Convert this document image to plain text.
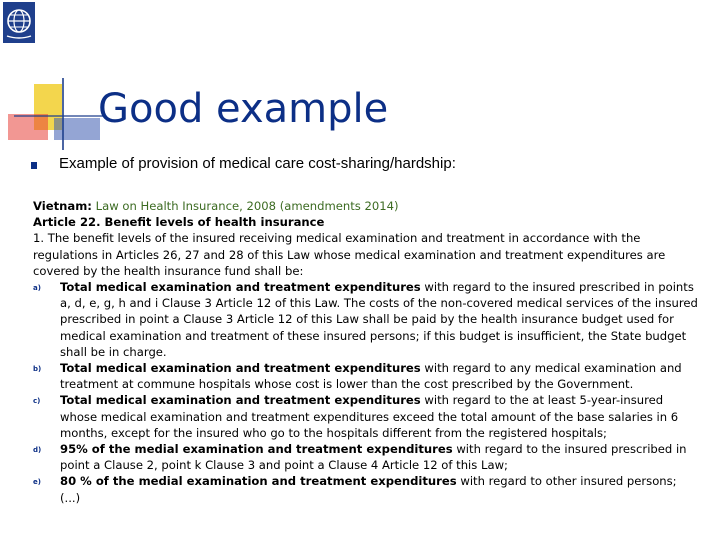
Good example
Example of provision of medical care cost-sharing/hardship:
Vietnam: Law on Health Insurance, 2008 (amendments 2014)
Article 22. Benefit levels of health insurance
1. The benefit levels of the insured receiving medical examination and treatment in accordance with the regulations in Articles 26, 27 and 28 of this Law whose medical examination and treatment expenditures are covered by the health insurance fund shall be:
a) Total medical examination and treatment expenditures with regard to the insured prescribed in points a, d, e, g, h and i Clause 3 Article 12 of this Law. The costs of the non-covered medical services of the insured prescribed in point a Clause 3 Article 12 of this Law shall be paid by the health insurance budget used for medical examination and treatment of these insured persons; if this budget is insufficient, the State budget shall be in charge.
b) Total medical examination and treatment expenditures with regard to any medical examination and treatment at commune hospitals whose cost is lower than the cost prescribed by the Government.
c) Total medical examination and treatment expenditures with regard to the at least 5-year-insured whose medical examination and treatment expenditures exceed the total amount of the base salaries in 6 months, except for the insured who go to the hospitals different from the registered hospitals;
d) 95% of the medial examination and treatment expenditures with regard to the insured prescribed in point a Clause 2, point k Clause 3 and point a Clause 4 Article 12 of this Law;
e) 80 % of the medial examination and treatment expenditures with regard to other insured persons; (...)
